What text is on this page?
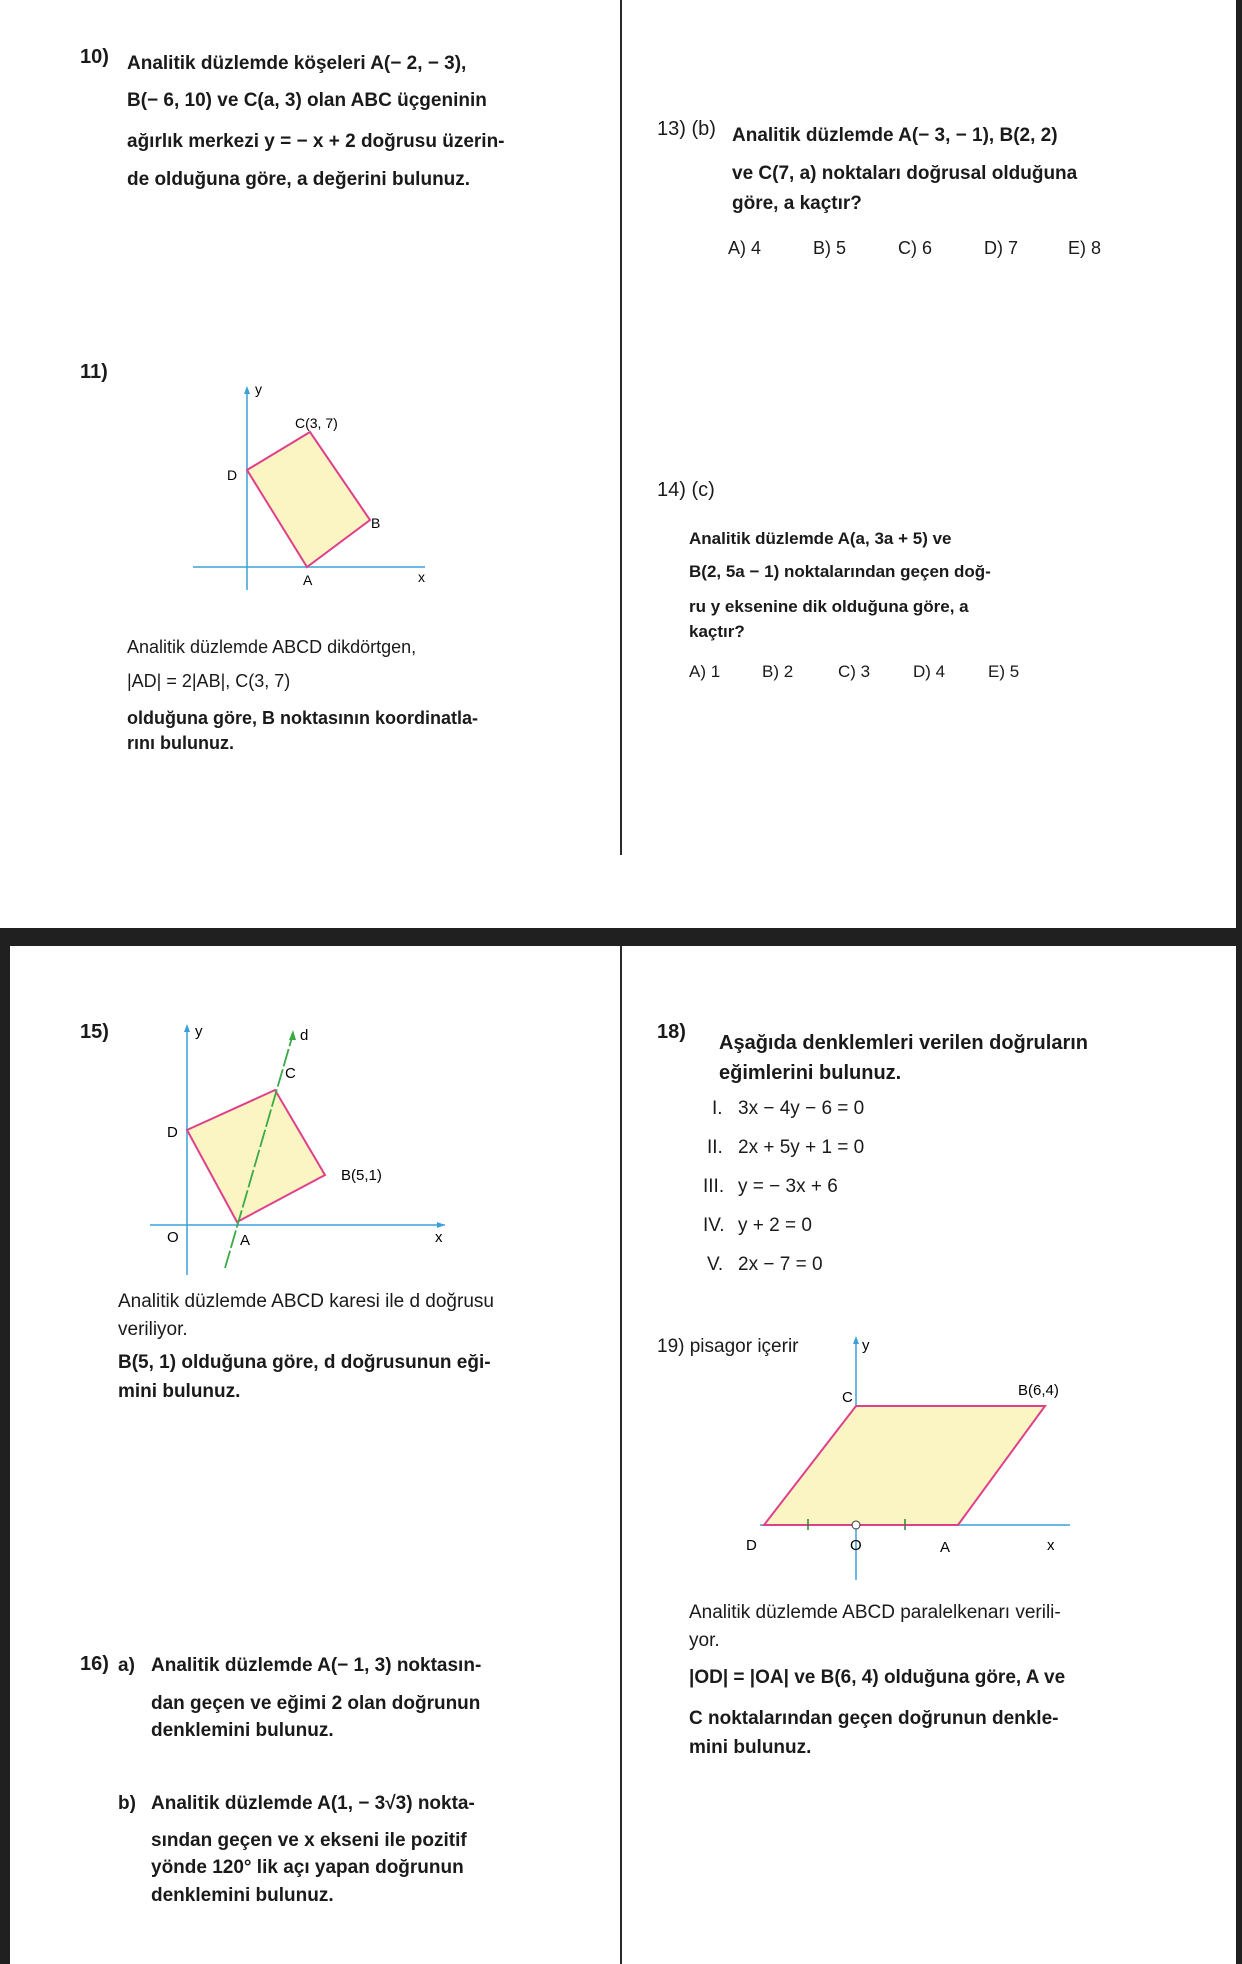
10) Analitik düzlemde köşeleri A(− 2, − 3),
B(− 6, 10) ve C(a, 3) olan ABC üçgeninin
ağırlık merkezi y = − x + 2 doğrusu üzerin-
de olduğuna göre, a değerini bulunuz.
11)
y
C(3, 7)
D
B
A	x
Analitik düzlemde ABCD dikdörtgen,
|AD| = 2|AB|, C(3, 7)
olduğuna göre, B noktasının koordinatla-
rını bulunuz.
13) (b) Analitik düzlemde A(− 3, − 1), B(2, 2)
ve C(7, a) noktaları doğrusal olduğuna
göre, a kaçtır?
A) 4	B) 5	C) 6	D) 7	E) 8
14) (c)
Analitik düzlemde A(a, 3a + 5) ve
B(2, 5a − 1) noktalarından geçen doğ-
ru y eksenine dik olduğuna göre, a
kaçtır?
A) 1 B) 2	C) 3	D) 4	E) 5
15)	y	d
C
D
B(5,1)
O	A	x
Analitik düzlemde ABCD karesi ile d doğrusu
veriliyor.
B(5, 1) olduğuna göre, d doğrusunun eği-
mini bulunuz.
16) a) Analitik düzlemde A(− 1, 3) noktasın-
dan geçen ve eğimi 2 olan doğrunun
denklemini bulunuz.
b) Analitik düzlemde A(1, − 3√3) nokta-
sından geçen ve x ekseni ile pozitif
yönde 120° lik açı yapan doğrunun
denklemini bulunuz.
18) Aşağıda denklemleri verilen doğruların
eğimlerini bulunuz.
I. 3x − 4y − 6 = 0
II. 2x + 5y + 1 = 0
III. y = − 3x + 6
IV. y + 2 = 0
V. 2x − 7 = 0
19) pisagor içerir	y
C	B(6,4)
D	O	A	x
Analitik düzlemde ABCD paralelkenarı verili-
yor.
|OD| = |OA| ve B(6, 4) olduğuna göre, A ve
C noktalarından geçen doğrunun denkle-
mini bulunuz.
